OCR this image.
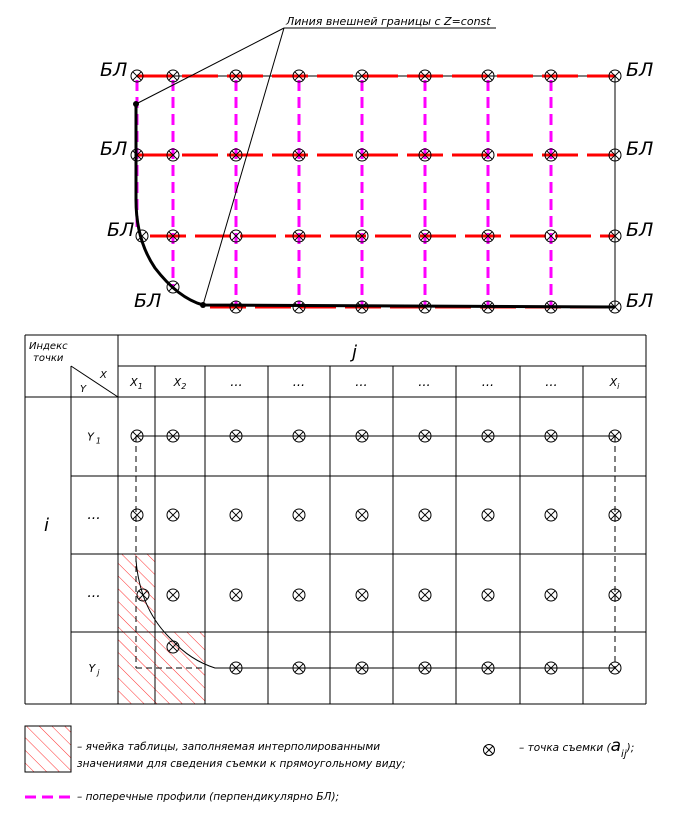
Линия внешней границы с Z=const
БЛ
БЛ
БЛ
БЛ
БЛ
БЛ
БЛ
БЛ
Индекс
точки
X
Y
j
i
$X_1$	$X_2$	...	...	...	...	...	...	$X_i$
Y $_1$
...
...
Y $_j$
– ячейка таблицы, заполняемая интерполированными
значениями для сведения съемки к прямоугольному виду;
– точка съемки (aij);
– поперечные профили (перпендикулярно БЛ);
